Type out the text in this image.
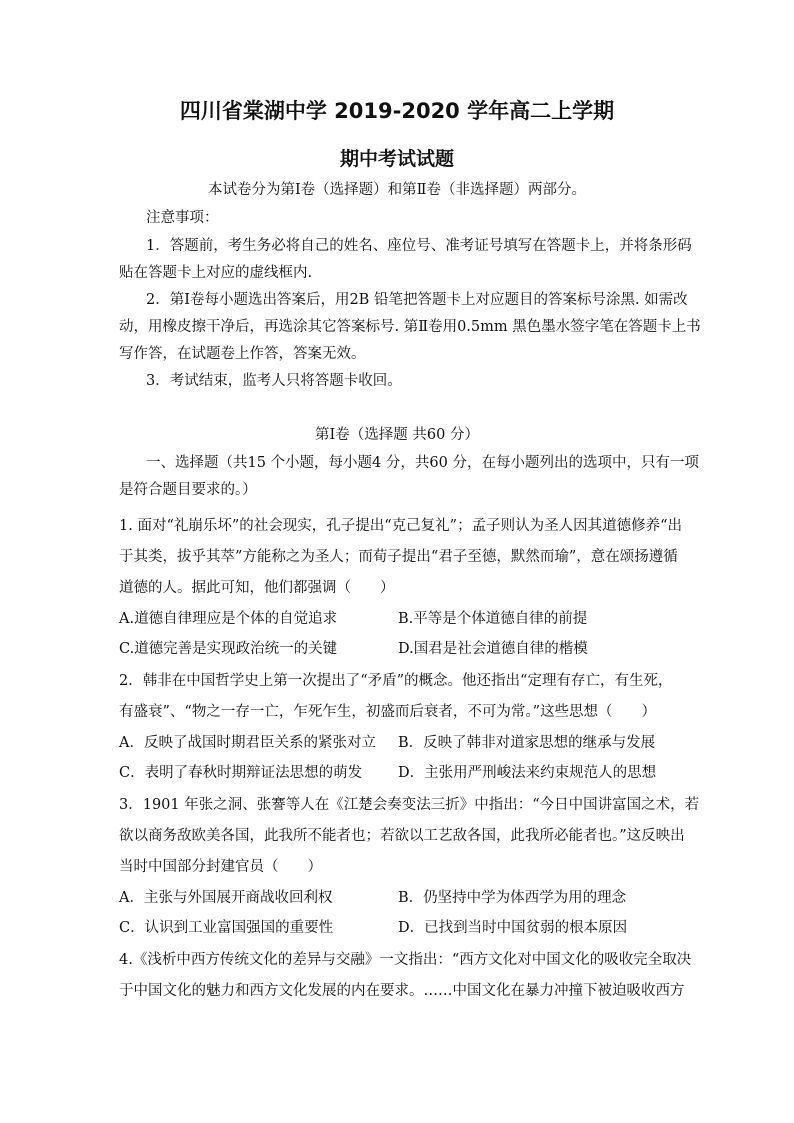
四川省棠湖中学 2019-2020 学年高二上学期
期中考试试题
本试卷分为第Ⅰ卷（选择题）和第Ⅱ卷（非选择题）两部分。
注意事项：
1．答题前，考生务必将自己的姓名、座位号、准考证号填写在答题卡上，并将条形码
贴在答题卡上对应的虚线框内.
2．第Ⅰ卷每小题选出答案后，用2B 铅笔把答题卡上对应题目的答案标号涂黑. 如需改
动，用橡皮擦干净后，再选涂其它答案标号. 第Ⅱ卷用0.5mm 黑色墨水签字笔在答题卡上书
写作答，在试题卷上作答，答案无效。
3．考试结束，监考人只将答题卡收回。
第Ⅰ卷（选择题 共60 分）
一、选择题（共15 个小题，每小题4 分，共60 分，在每小题列出的选项中，只有一项
是符合题目要求的。）
1. 面对“礼崩乐坏”的社会现实，孔子提出“克己复礼”；孟子则认为圣人因其道德修养“出
于其类，拔乎其萃”方能称之为圣人；而荀子提出“君子至德，默然而瑜”，意在颂扬遵循
道德的人。据此可知，他们都强调（　　）
A.道德自律理应是个体的自觉追求	B.平等是个体道德自律的前提
C.道德完善是实现政治统一的关键	D.国君是社会道德自律的楷模
2．韩非在中国哲学史上第一次提出了“矛盾”的概念。他还指出“定理有存亡，有生死，
有盛衰”、“物之一存一亡，乍死乍生，初盛而后衰者，不可为常。”这些思想（　　）
A．反映了战国时期君臣关系的紧张对立 B．反映了韩非对道家思想的继承与发展
C．表明了春秋时期辩证法思想的萌发 D．主张用严刑峻法来约束规范人的思想
3．1901 年张之洞、张謇等人在《江楚会奏变法三折》中指出：“今日中国讲富国之术，若
欲以商务敌欧美各国，此我所不能者也；若欲以工艺敌各国，此我所必能者也。”这反映出
当时中国部分封建官员（　　）
A．主张与外国展开商战收回利权	B．仍坚持中学为体西学为用的理念
C．认识到工业富国强国的重要性	D．已找到当时中国贫弱的根本原因
4.《浅析中西方传统文化的差异与交融》一文指出：“西方文化对中国文化的吸收完全取决
于中国文化的魅力和西方文化发展的内在要求。……中国文化在暴力冲撞下被迫吸收西方
